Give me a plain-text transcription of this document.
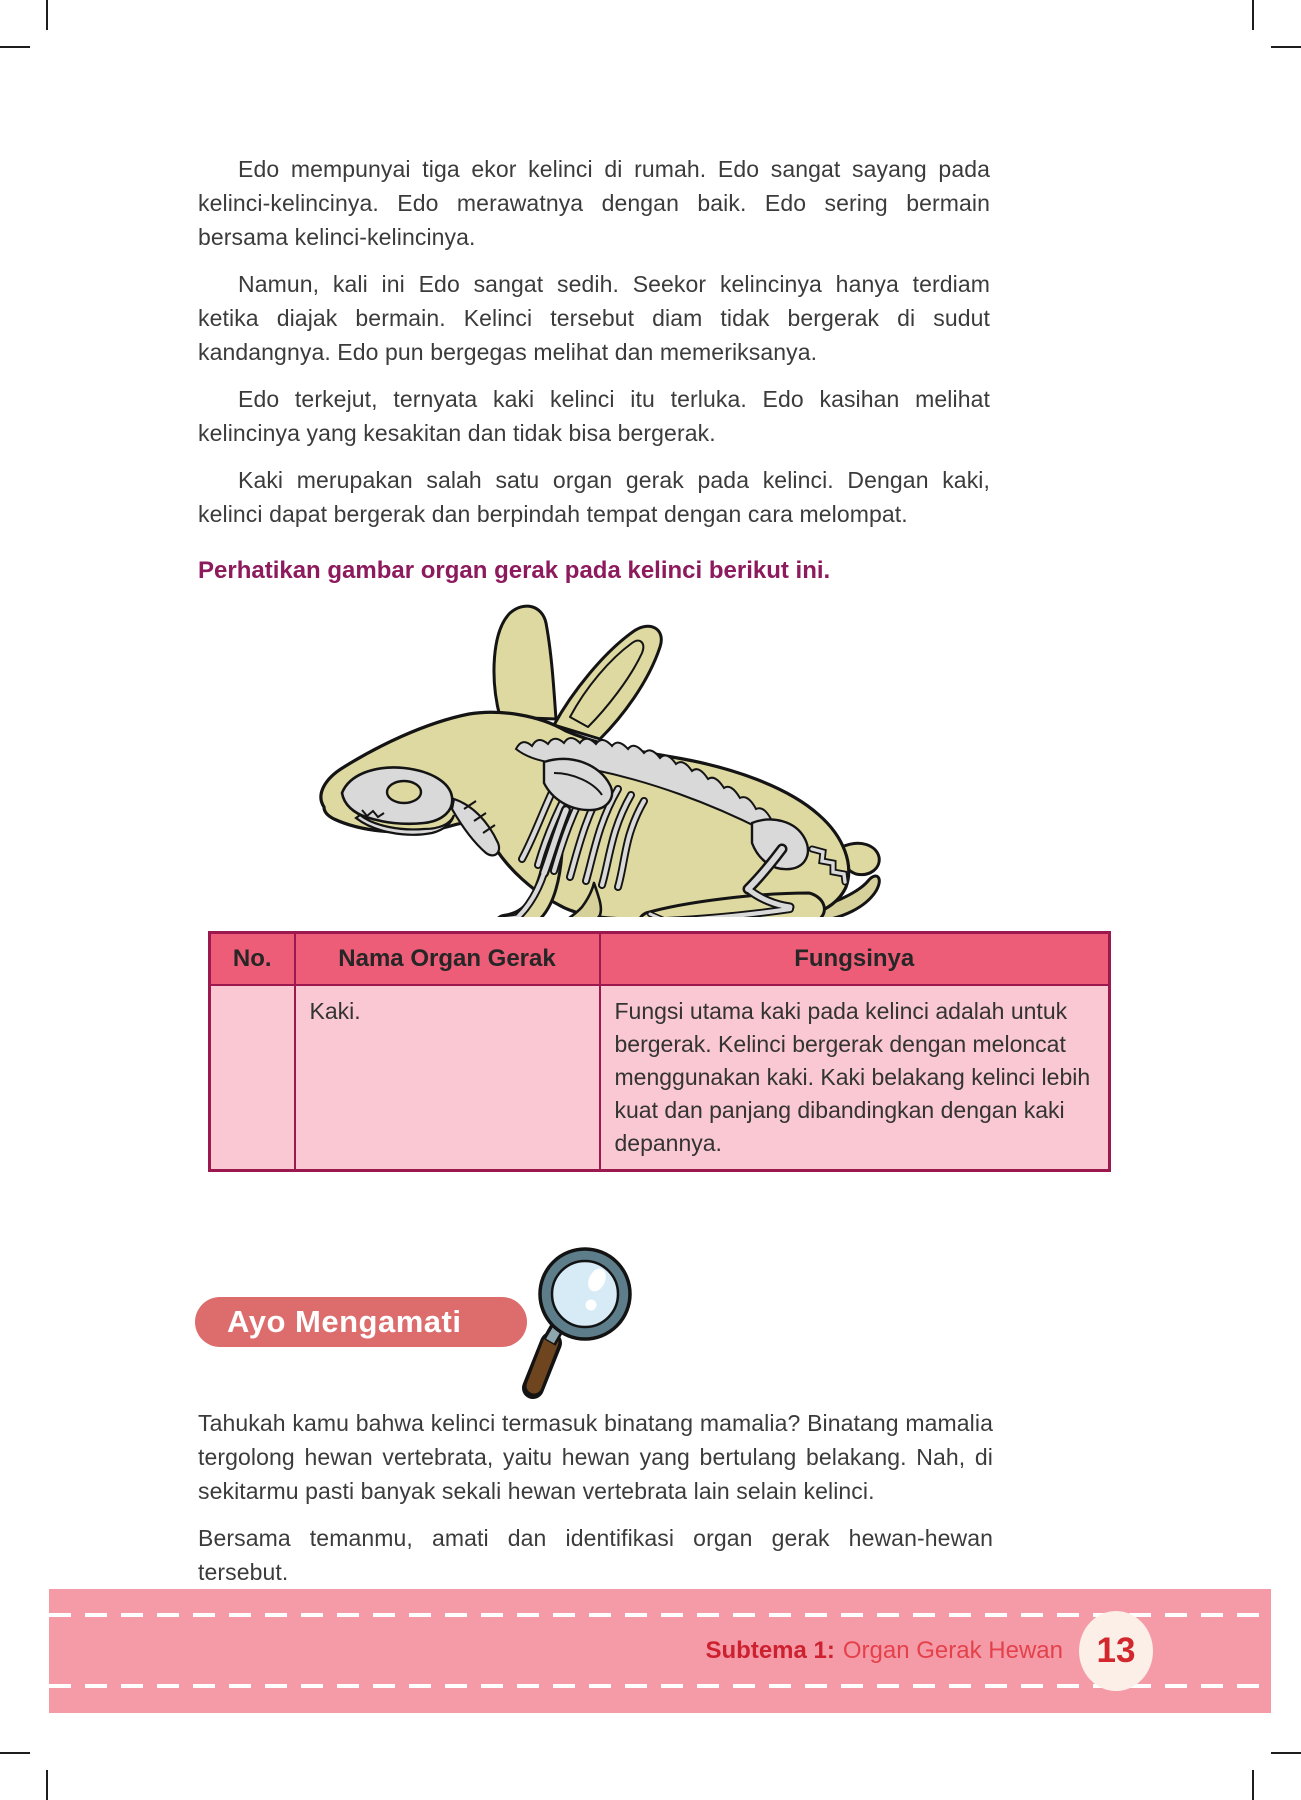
Edo mempunyai tiga ekor kelinci di rumah. Edo sangat sayang pada kelinci-kelincinya. Edo merawatnya dengan baik. Edo sering bermain bersama kelinci-kelincinya.

Namun, kali ini Edo sangat sedih. Seekor kelincinya hanya terdiam ketika diajak bermain. Kelinci tersebut diam tidak bergerak di sudut kandangnya. Edo pun bergegas melihat dan memeriksanya.

Edo terkejut, ternyata kaki kelinci itu terluka. Edo kasihan melihat kelincinya yang kesakitan dan tidak bisa bergerak.

Kaki merupakan salah satu organ gerak pada kelinci. Dengan kaki, kelinci dapat bergerak dan berpindah tempat dengan cara melompat.

Perhatikan gambar organ gerak pada kelinci berikut ini.
No.	Nama Organ Gerak	Fungsinya
	Kaki.	Fungsi utama kaki pada kelinci adalah untuk bergerak. Kelinci bergerak dengan meloncat menggunakan kaki. Kaki belakang kelinci lebih kuat dan panjang dibandingkan dengan kaki depannya.
Ayo Mengamati

Tahukah kamu bahwa kelinci termasuk binatang mamalia? Binatang mamalia tergolong hewan vertebrata, yaitu hewan yang bertulang belakang. Nah, di sekitarmu pasti banyak sekali hewan vertebrata lain selain kelinci.

Bersama temanmu, amati dan identifikasi organ gerak hewan-hewan tersebut.

Subtema 1: Organ Gerak Hewan 13
